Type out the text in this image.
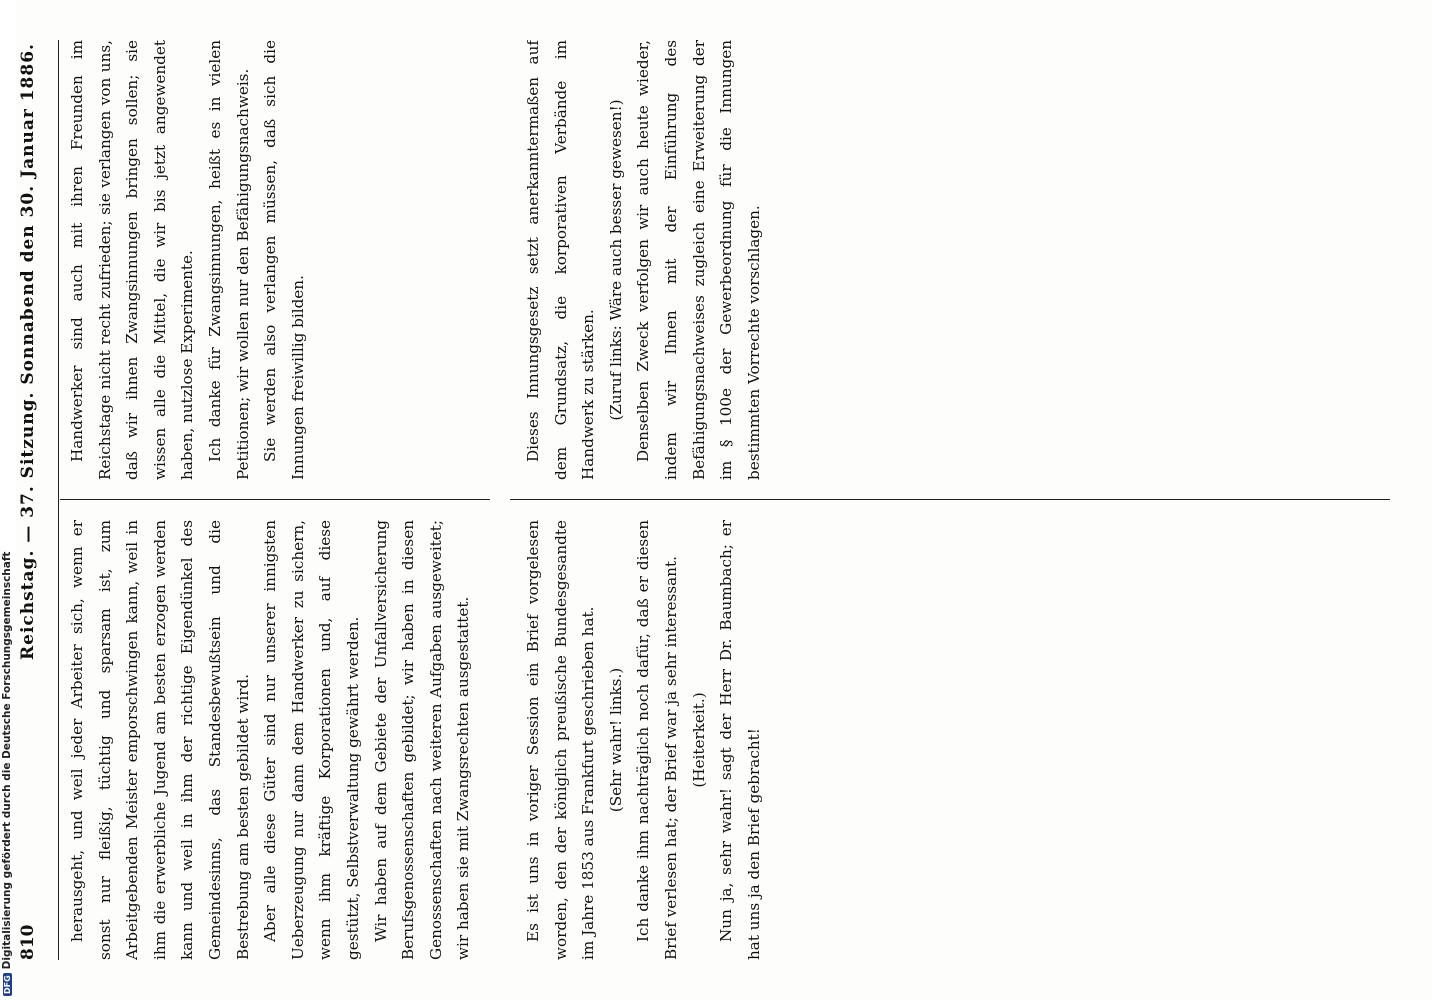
810
Reichstag. — 37. Sitzung. Sonnabend den 30. Januar 1886.

herausgeht, und weil jeder Arbeiter sich, wenn er sonst nur fleißig, tüchtig und sparsam ist, zum Arbeitgebenden Meister emporschwingen kann, weil in ihm die erwerbliche Jugend am besten erzogen werden kann und weil in ihm der richtige Eigendünkel des Gemeindesinns, das Standesbewußtsein und die Bestrebung am besten gebildet wird. Aber alle diese Güter sind nur unserer innigsten Ueberzeugung nur dann dem Handwerker zu sichern, wenn ihm kräftige Korporationen und, auf diese gestützt, Selbstverwaltung gewährt werden. Wir haben auf dem Gebiete der Unfallversicherung Berufsgenossenschaften gebildet; wir haben in diesen Genossenschaften nach weiteren Aufgaben ausgeweitet; wir haben sie mit Zwangsrechten ausgestattet.

Handwerker sind auch mit ihren Freunden im Reichstage nicht recht zufrieden; sie verlangen von uns, daß wir ihnen Zwangsinnungen bringen sollen; sie wissen alle die Mittel, die wir bis jetzt angewendet haben, nutzlose Experimente. Ich danke für Zwangsinnungen, heißt es in vielen Petitionen; wir wollen nur den Befähigungsnachweis. Sie werden also verlangen müssen, daß sich die Innungen freiwillig bilden.

Es ist uns in voriger Session ein Brief vorgelesen worden, den der königlich preußische Bundesgesandte im Jahre 1853 aus Frankfurt geschrieben hat. (Sehr wahr! links.) Ich danke ihm nachträglich noch dafür, daß er diesen Brief verlesen hat; der Brief war ja sehr interessant. (Heiterkeit.) Nun ja, sehr wahr! sagt der Herr Dr. Baumbach; er hat uns ja den Brief gebracht!

Dieses Innungsgesetz setzt anerkanntermaßen auf dem Grundsatz, die korporativen Verbände im Handwerk zu stärken. (Zuruf links: Wäre auch besser gewesen!) Denselben Zweck verfolgen wir auch heute wieder, indem wir Ihnen mit der Einführung des Befähigungsnachweises zugleich eine Erweiterung der im § 100e der Gewerbeordnung für die Innungen bestimmten Vorrechte vorschlagen.

DFGDigitalisierung gefördert durch die Deutsche Forschungsgemeinschaft
